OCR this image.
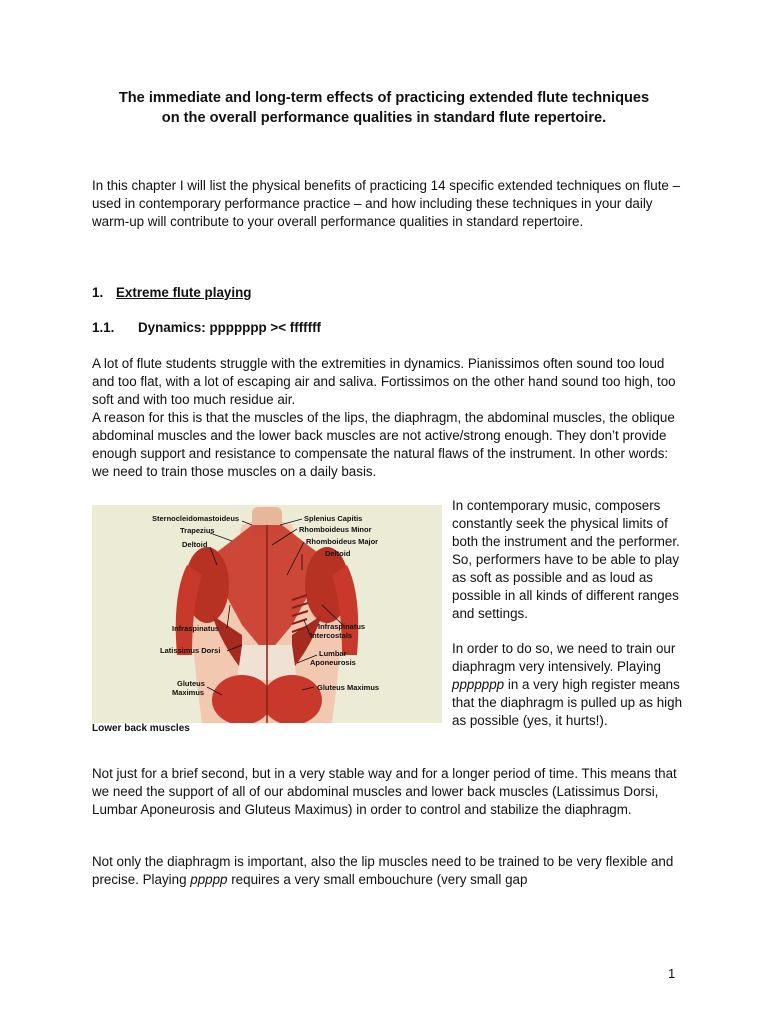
The immediate and long-term effects of practicing extended flute techniques
on the overall performance qualities in standard flute repertoire.

In this chapter I will list the physical benefits of practicing 14 specific extended techniques on flute – used in contemporary performance practice – and how including these techniques in your daily warm-up will contribute to your overall performance qualities in standard repertoire.

1. Extreme flute playing
1.1. Dynamics: ppppppp >< fffffff
A lot of flute students struggle with the extremities in dynamics. Pianissimos often sound too loud and too flat, with a lot of escaping air and saliva. Fortissimos on the other hand sound too high, too soft and with too much residue air.
A reason for this is that the muscles of the lips, the diaphragm, the abdominal muscles, the oblique abdominal muscles and the lower back muscles are not active/strong enough. They don’t provide enough support and resistance to compensate the natural flaws of the instrument. In other words: we need to train those muscles on a daily basis.
Sternocleidomastoideus
Trapezius
Deltoid
Infraspinatus
Latissimus Dorsi
Gluteus
Maximus
Splenius Capitis
Rhomboideus Minor
Rhomboideus Major
Deltoid
Infraspinatus
Intercostals
Lumbar
Aponeurosis
Gluteus Maximus
Lower back muscles

In contemporary music, composers constantly seek the physical limits of both the instrument and the performer. So, performers have to be able to play as soft as possible and as loud as possible in all kinds of different ranges and settings.

In order to do so, we need to train our diaphragm very intensively. Playing ppppppp in a very high register means that the diaphragm is pulled up as high as possible (yes, it hurts!).

Not just for a brief second, but in a very stable way and for a longer period of time. This means that we need the support of all of our abdominal muscles and lower back muscles (Latissimus Dorsi, Lumbar Aponeurosis and Gluteus Maximus) in order to control and stabilize the diaphragm.

Not only the diaphragm is important, also the lip muscles need to be trained to be very flexible and precise. Playing ppppp requires a very small embouchure (very small gap

1
